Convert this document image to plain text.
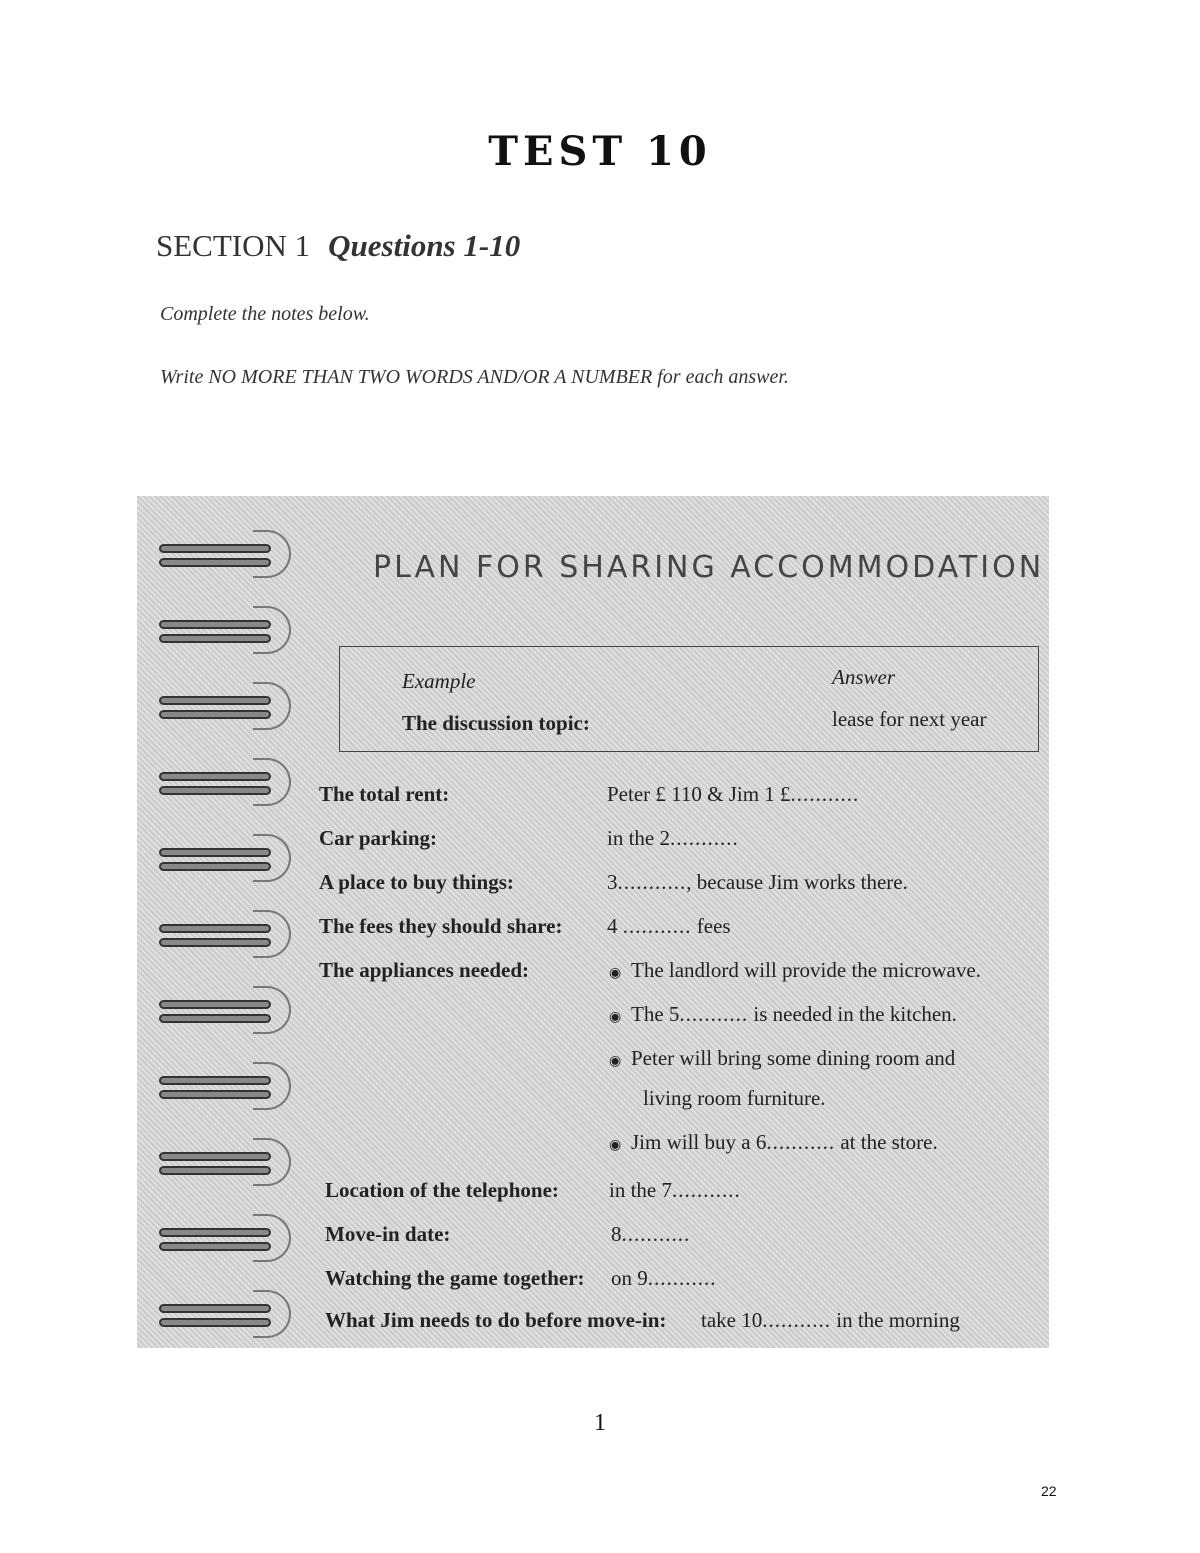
TEST 10
SECTION 1 Questions 1-10
Complete the notes below.
Write NO MORE THAN TWO WORDS AND/OR A NUMBER for each answer.
PLAN FOR SHARING ACCOMMODATION
Example	Answer
The discussion topic:	lease for next year
The total rent:	Peter £ 110 & Jim 1 £...........
Car parking:	in the 2...........
A place to buy things:	3..........., because Jim works there.
The fees they should share: 4 ........... fees
The appliances needed:	◉ The landlord will provide the microwave.
◉ The 5........... is needed in the kitchen.
◉ Peter will bring some dining room and
living room furniture.
◉ Jim will buy a 6........... at the store.
Location of the telephone: in the 7...........
Move-in date:	8...........
Watching the game together: on 9...........
What Jim needs to do before move-in: take 10........... in the morning
1
22
